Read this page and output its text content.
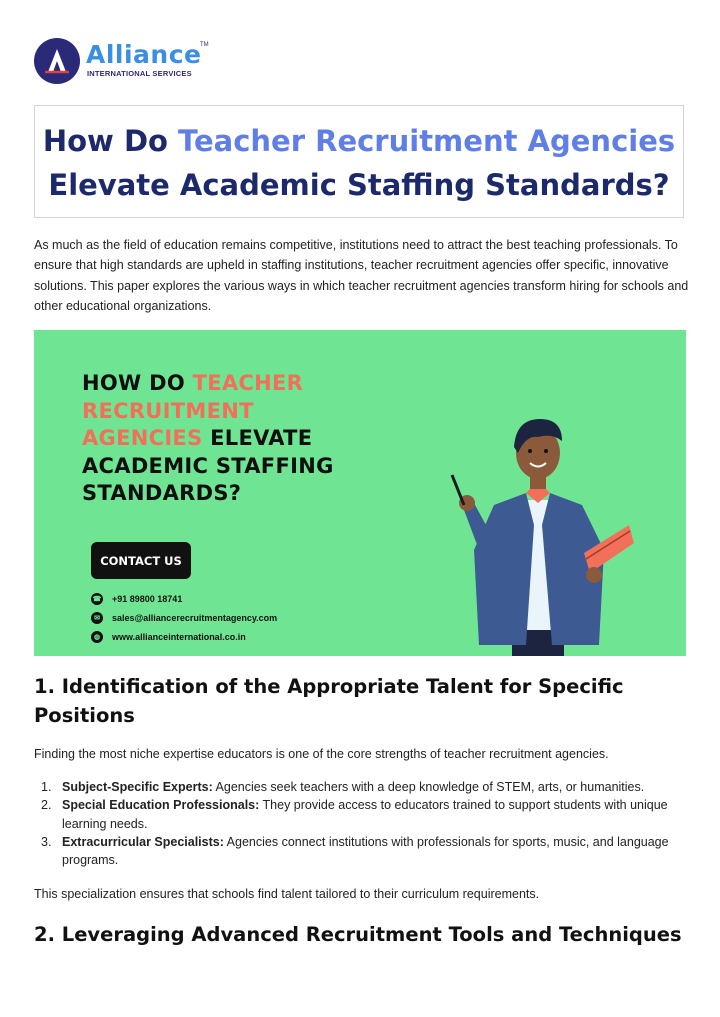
Alliance
TM
INTERNATIONAL SERVICES
How Do Teacher Recruitment Agencies
Elevate Academic Staffing Standards?
As much as the field of education remains competitive, institutions need to attract the best teaching professionals. To ensure that high standards are upheld in staffing institutions, teacher recruitment agencies offer specific, innovative solutions. This paper explores the various ways in which teacher recruitment agencies transform hiring for schools and other educational organizations.
HOW DO TEACHER
RECRUITMENT
AGENCIES ELEVATE
ACADEMIC STAFFING
STANDARDS?
CONTACT US
☎ +91 89800 18741
✉	sales@alliancerecruitmentagency.com
◍	www.allianceinternational.co.in
1. Identification of the Appropriate Talent for Specific
Positions
Finding the most niche expertise educators is one of the core strengths of teacher recruitment agencies.
1. Subject-Specific Experts: Agencies seek teachers with a deep knowledge of STEM, arts, or humanities.
2. Special Education Professionals: They provide access to educators trained to support students with unique learning needs.
3. Extracurricular Specialists: Agencies connect institutions with professionals for sports, music, and language programs.
This specialization ensures that schools find talent tailored to their curriculum requirements.
2. Leveraging Advanced Recruitment Tools and Techniques
